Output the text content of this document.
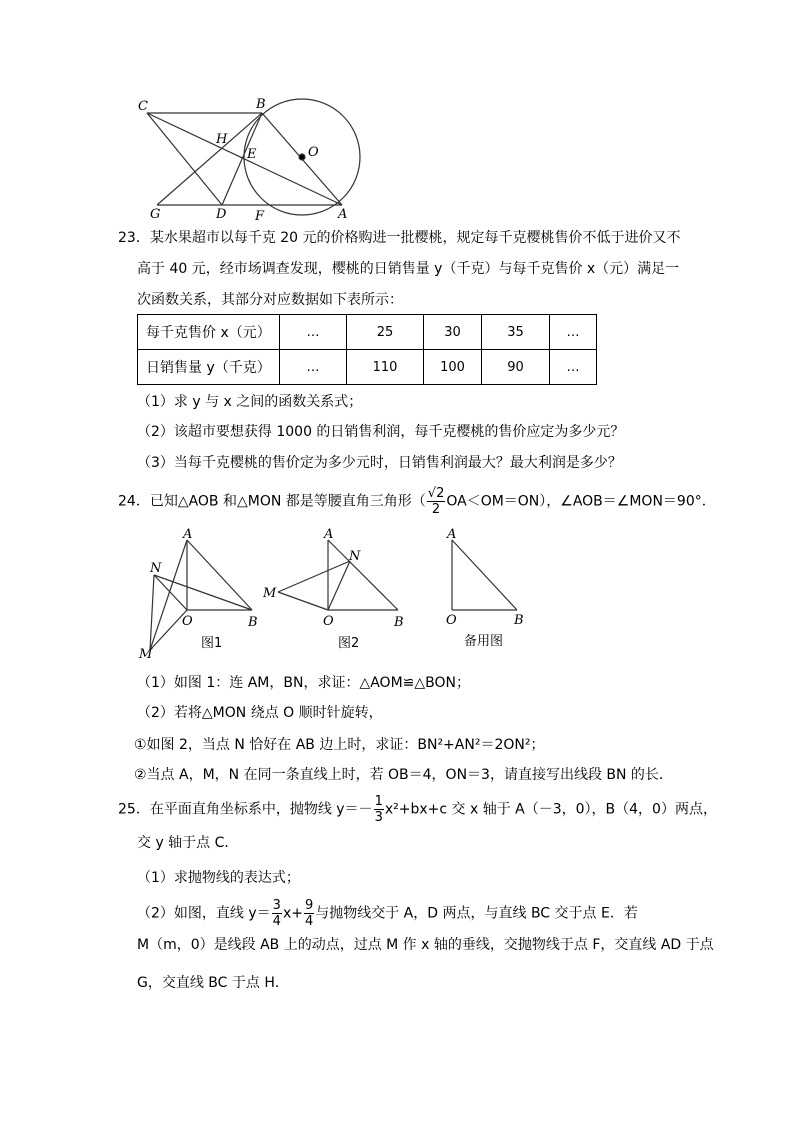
C	B
H
E	O
G	D F	A
A
N
O	B
M
A
N
M
O	B
A
O	B
图1	图2	备用图
23．某水果超市以每千克 20 元的价格购进一批樱桃，规定每千克樱桃售价不低于进价又不
高于 40 元，经市场调查发现，樱桃的日销售量 y（千克）与每千克售价 x（元）满足一
次函数关系，其部分对应数据如下表所示：
每千克售价 x（元）	…	25	30	35	…
日销售量 y（千克）	…	110	100	90	…
（1）求 y 与 x 之间的函数关系式；
（2）该超市要想获得 1000 的日销售利润，每千克樱桃的售价应定为多少元？
（3）当每千克樱桃的售价定为多少元时，日销售利润最大？最大利润是多少？
24．已知△AOB 和△MON 都是等腰直角三角形（ $\frac{√2}{2} OA<OM=ON$），∠AOB＝∠MON＝90°．
（1）如图 1：连 AM，BN，求证：△AOM≌△BON；
（2）若将△MON 绕点 O 顺时针旋转，
①如图 2，当点 N 恰好在 AB 边上时，求证：BN²+AN²＝2ON²；
②当点 A，M，N 在同一条直线上时，若 OB＝4，ON＝3，请直接写出线段 BN 的长．
25．在平面直角坐标系中，抛物线 $y=- \frac{1}{3} x^2+bx+c$ 交 x 轴于 A（－3，0），B（4，0）两点，
交 y 轴于点 C．
（1）求抛物线的表达式；
（2）如图，直线 $y= \frac{3}{4} x+ \frac{9}{4}$ 与抛物线交于 A，D 两点，与直线 BC 交于点 E．若
M（m，0）是线段 AB 上的动点，过点 M 作 x 轴的垂线，交抛物线于点 F，交直线 AD 于点
G，交直线 BC 于点 H．
